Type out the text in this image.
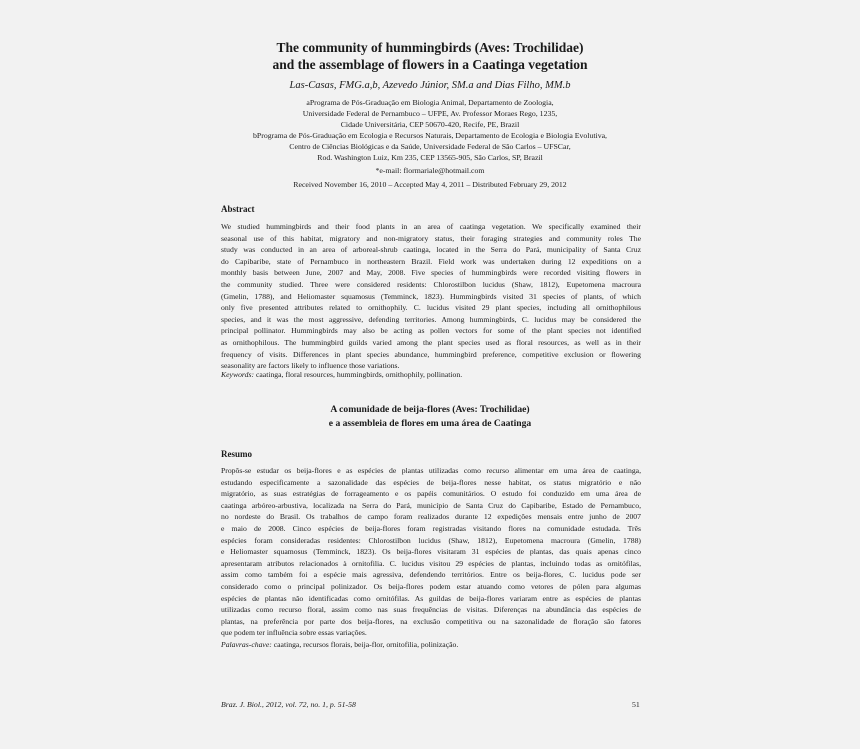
The community of hummingbirds (Aves: Trochilidae)
and the assemblage of flowers in a Caatinga vegetation
Las-Casas, FMG.a,b, Azevedo Júnior, SM.a and Dias Filho, MM.b
aPrograma de Pós-Graduação em Biologia Animal, Departamento de Zoologia,
Universidade Federal de Pernambuco – UFPE, Av. Professor Moraes Rego, 1235,
Cidade Universitária, CEP 50670-420, Recife, PE, Brazil
bPrograma de Pós-Graduação em Ecologia e Recursos Naturais, Departamento de Ecologia e Biologia Evolutiva,
Centro de Ciências Biológicas e da Saúde, Universidade Federal de São Carlos – UFSCar,
Rod. Washington Luiz, Km 235, CEP 13565-905, São Carlos, SP, Brazil
*e-mail: flormariale@hotmail.com
Received November 16, 2010 – Accepted May 4, 2011 – Distributed February 29, 2012
Abstract
We studied hummingbirds and their food plants in an area of caatinga vegetation. We specifically examined their
seasonal use of this habitat, migratory and non-migratory status, their foraging strategies and community roles The
study was conducted in an area of arboreal-shrub caatinga, located in the Serra do Pará, municipality of Santa Cruz
do Capibaribe, state of Pernambuco in northeastern Brazil. Field work was undertaken during 12 expeditions on a
monthly basis between June, 2007 and May, 2008. Five species of hummingbirds were recorded visiting flowers in
the community studied. Three were considered residents: Chlorostilbon lucidus (Shaw, 1812), Eupetomena macroura
(Gmelin, 1788), and Heliomaster squamosus (Temminck, 1823). Hummingbirds visited 31 species of plants, of which
only five presented attributes related to ornithophily. C. lucidus visited 29 plant species, including all ornithophilous
species, and it was the most aggressive, defending territories. Among hummingbirds, C. lucidus may be considered the
principal pollinator. Hummingbirds may also be acting as pollen vectors for some of the plant species not identified
as ornithophilous. The hummingbird guilds varied among the plant species used as floral resources, as well as in their
frequency of visits. Differences in plant species abundance, hummingbird preference, competitive exclusion or flowering
seasonality are factors likely to influence those variations.
Keywords: caatinga, floral resources, hummingbirds, ornithophily, pollination.
A comunidade de beija-flores (Aves: Trochilidae)
e a assembleia de flores em uma área de Caatinga
Resumo
Propôs-se estudar os beija-flores e as espécies de plantas utilizadas como recurso alimentar em uma área de caatinga,
estudando especificamente a sazonalidade das espécies de beija-flores nesse habitat, os status migratório e não
migratório, as suas estratégias de forrageamento e os papéis comunitários. O estudo foi conduzido em uma área de
caatinga arbóreo-arbustiva, localizada na Serra do Pará, município de Santa Cruz do Capibaribe, Estado de Pernambuco,
no nordeste do Brasil. Os trabalhos de campo foram realizados durante 12 expedições mensais entre junho de 2007
e maio de 2008. Cinco espécies de beija-flores foram registradas visitando flores na comunidade estudada. Três
espécies foram consideradas residentes: Chlorostilbon lucidus (Shaw, 1812), Eupetomena macroura (Gmelin, 1788)
e Heliomaster squamosus (Temminck, 1823). Os beija-flores visitaram 31 espécies de plantas, das quais apenas cinco
apresentaram atributos relacionados à ornitofilia. C. lucidus visitou 29 espécies de plantas, incluindo todas as ornitófilas,
assim como também foi a espécie mais agressiva, defendendo territórios. Entre os beija-flores, C. lucidus pode ser
considerado como o principal polinizador. Os beija-flores podem estar atuando como vetores de pólen para algumas
espécies de plantas não identificadas como ornitófilas. As guildas de beija-flores variaram entre as espécies de plantas
utilizadas como recurso floral, assim como nas suas frequências de visitas. Diferenças na abundância das espécies de
plantas, na preferência por parte dos beija-flores, na exclusão competitiva ou na sazonalidade de floração são fatores
que podem ter influência sobre essas variações.
Palavras-chave: caatinga, recursos florais, beija-flor, ornitofilia, polinização.
Braz. J. Biol., 2012, vol. 72, no. 1, p. 51-58	51
